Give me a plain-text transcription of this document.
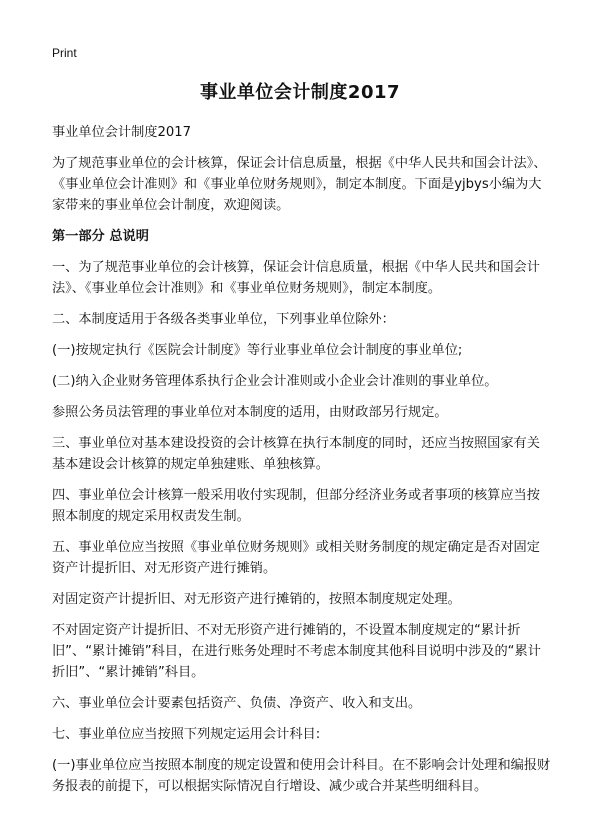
Print
事业单位会计制度2017

事业单位会计制度2017

为了规范事业单位的会计核算，保证会计信息质量，根据《中华人民共和国会计法》、《事业单位会计准则》和《事业单位财务规则》，制定本制度。下面是yjbys小编为大家带来的事业单位会计制度，欢迎阅读。

第一部分 总说明

一、为了规范事业单位的会计核算，保证会计信息质量，根据《中华人民共和国会计法》、《事业单位会计准则》和《事业单位财务规则》，制定本制度。

二、本制度适用于各级各类事业单位，下列事业单位除外：

(一)按规定执行《医院会计制度》等行业事业单位会计制度的事业单位;

(二)纳入企业财务管理体系执行企业会计准则或小企业会计准则的事业单位。

参照公务员法管理的事业单位对本制度的适用，由财政部另行规定。

三、事业单位对基本建设投资的会计核算在执行本制度的同时，还应当按照国家有关基本建设会计核算的规定单独建账、单独核算。

四、事业单位会计核算一般采用收付实现制，但部分经济业务或者事项的核算应当按照本制度的规定采用权责发生制。

五、事业单位应当按照《事业单位财务规则》或相关财务制度的规定确定是否对固定资产计提折旧、对无形资产进行摊销。

对固定资产计提折旧、对无形资产进行摊销的，按照本制度规定处理。

不对固定资产计提折旧、不对无形资产进行摊销的，不设置本制度规定的“累计折旧”、“累计摊销”科目，在进行账务处理时不考虑本制度其他科目说明中涉及的“累计折旧”、“累计摊销”科目。

六、事业单位会计要素包括资产、负债、净资产、收入和支出。

七、事业单位应当按照下列规定运用会计科目:

(一)事业单位应当按照本制度的规定设置和使用会计科目。在不影响会计处理和编报财务报表的前提下，可以根据实际情况自行增设、减少或合并某些明细科目。
